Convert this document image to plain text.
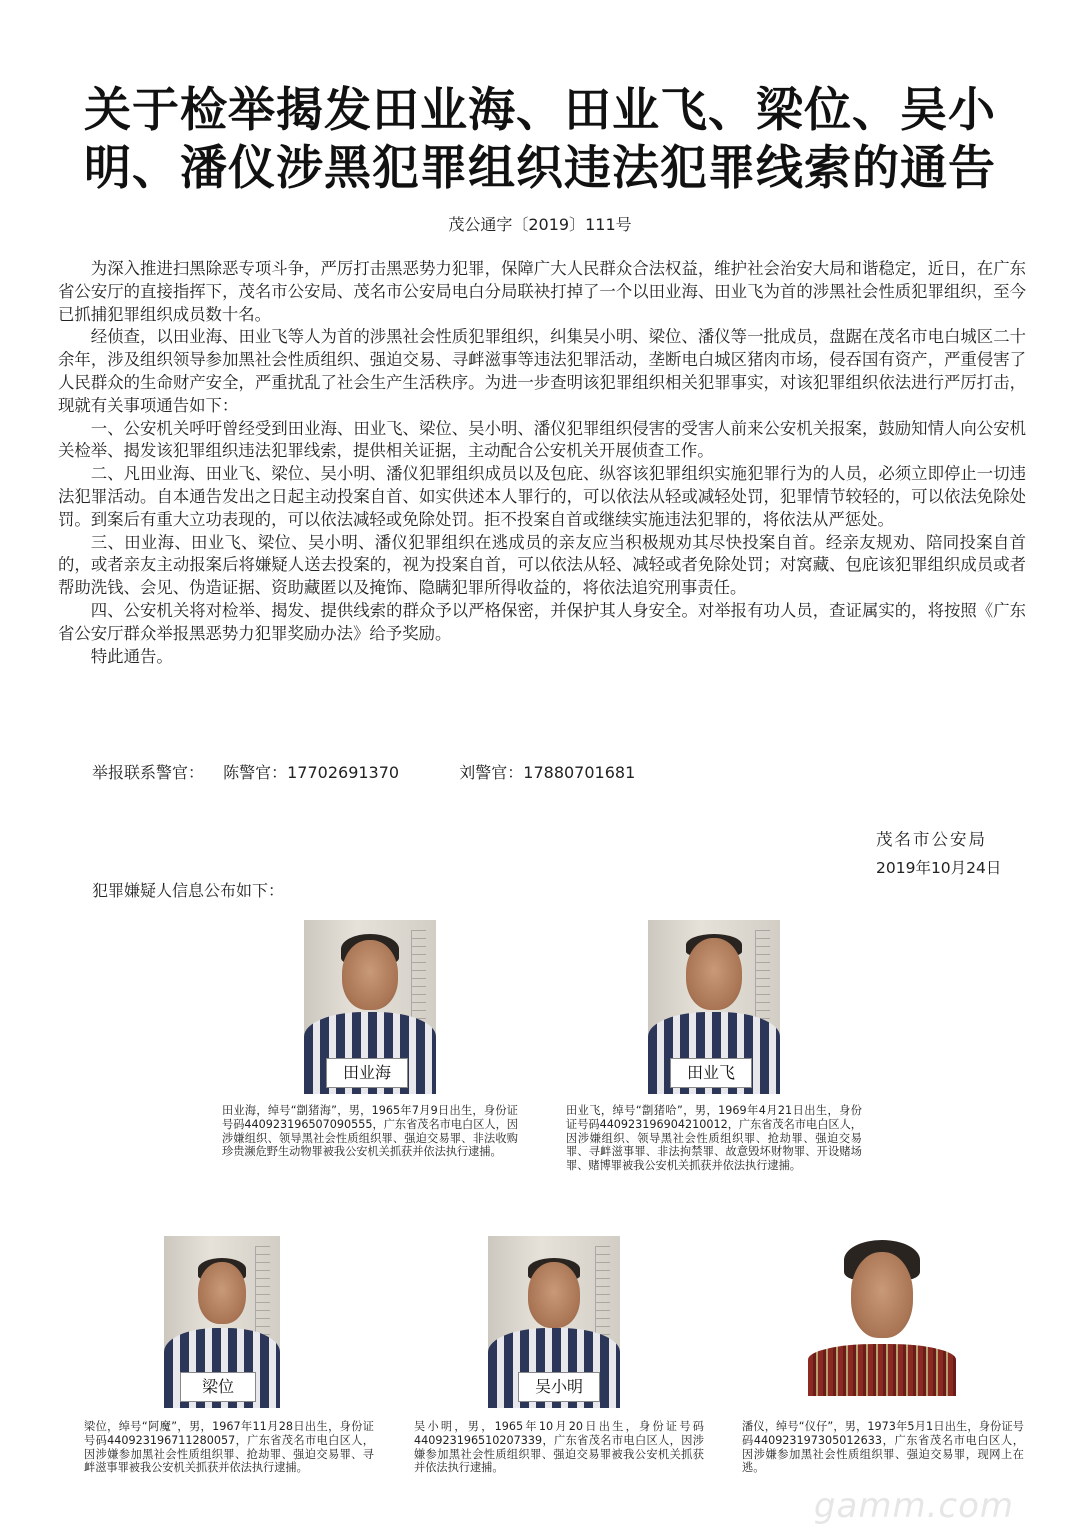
关于检举揭发田业海、田业飞、梁位、吴小明、潘仪涉黑犯罪组织违法犯罪线索的通告
茂公通字〔2019〕111号

为深入推进扫黑除恶专项斗争，严厉打击黑恶势力犯罪，保障广大人民群众合法权益，维护社会治安大局和谐稳定，近日，在广东省公安厅的直接指挥下，茂名市公安局、茂名市公安局电白分局联袂打掉了一个以田业海、田业飞为首的涉黑社会性质犯罪组织，至今已抓捕犯罪组织成员数十名。

经侦查，以田业海、田业飞等人为首的涉黑社会性质犯罪组织，纠集吴小明、梁位、潘仪等一批成员，盘踞在茂名市电白城区二十余年，涉及组织领导参加黑社会性质组织、强迫交易、寻衅滋事等违法犯罪活动，垄断电白城区猪肉市场，侵吞国有资产，严重侵害了人民群众的生命财产安全，严重扰乱了社会生产生活秩序。为进一步查明该犯罪组织相关犯罪事实，对该犯罪组织依法进行严厉打击，现就有关事项通告如下：

一、公安机关呼吁曾经受到田业海、田业飞、梁位、吴小明、潘仪犯罪组织侵害的受害人前来公安机关报案，鼓励知情人向公安机关检举、揭发该犯罪组织违法犯罪线索，提供相关证据，主动配合公安机关开展侦查工作。

二、凡田业海、田业飞、梁位、吴小明、潘仪犯罪组织成员以及包庇、纵容该犯罪组织实施犯罪行为的人员，必须立即停止一切违法犯罪活动。自本通告发出之日起主动投案自首、如实供述本人罪行的，可以依法从轻或减轻处罚，犯罪情节较轻的，可以依法免除处罚。到案后有重大立功表现的，可以依法减轻或免除处罚。拒不投案自首或继续实施违法犯罪的，将依法从严惩处。

三、田业海、田业飞、梁位、吴小明、潘仪犯罪组织在逃成员的亲友应当积极规劝其尽快投案自首。经亲友规劝、陪同投案自首的，或者亲友主动报案后将嫌疑人送去投案的，视为投案自首，可以依法从轻、减轻或者免除处罚；对窝藏、包庇该犯罪组织成员或者帮助洗钱、会见、伪造证据、资助藏匿以及掩饰、隐瞒犯罪所得收益的，将依法追究刑事责任。

四、公安机关将对检举、揭发、提供线索的群众予以严格保密，并保护其人身安全。对举报有功人员，查证属实的，将按照《广东省公安厅群众举报黑恶势力犯罪奖励办法》给予奖励。

特此通告。

举报联系警官： 陈警官：17702691370	刘警官：17880701681
茂名市公安局
2019年10月24日
犯罪嫌疑人信息公布如下：
田业海
田业海，绰号“劏猪海”，男，1965年7月9日出生，身份证号码440923196507090555，广东省茂名市电白区人，因涉嫌组织、领导黑社会性质组织罪、强迫交易罪、非法收购珍贵濒危野生动物罪被我公安机关抓获并依法执行逮捕。
田业飞
田业飞，绰号“劏猪哈”，男，1969年4月21日出生，身份证号码440923196904210012，广东省茂名市电白区人，因涉嫌组织、领导黑社会性质组织罪、抢劫罪、强迫交易罪、寻衅滋事罪、非法拘禁罪、故意毁坏财物罪、开设赌场罪、赌博罪被我公安机关抓获并依法执行逮捕。
梁位
梁位，绰号“阿魔”，男，1967年11月28日出生，身份证号码440923196711280057，广东省茂名市电白区人，因涉嫌参加黑社会性质组织罪、抢劫罪、强迫交易罪、寻衅滋事罪被我公安机关抓获并依法执行逮捕。
吴小明
吴小明，男，1965年10月20日出生，身份证号码440923196510207339，广东省茂名市电白区人，因涉嫌参加黑社会性质组织罪、强迫交易罪被我公安机关抓获并依法执行逮捕。
潘仪，绰号“仪仔”，男，1973年5月1日出生，身份证号码440923197305012633，广东省茂名市电白区人，因涉嫌参加黑社会性质组织罪、强迫交易罪，现网上在逃。
gamm.com
